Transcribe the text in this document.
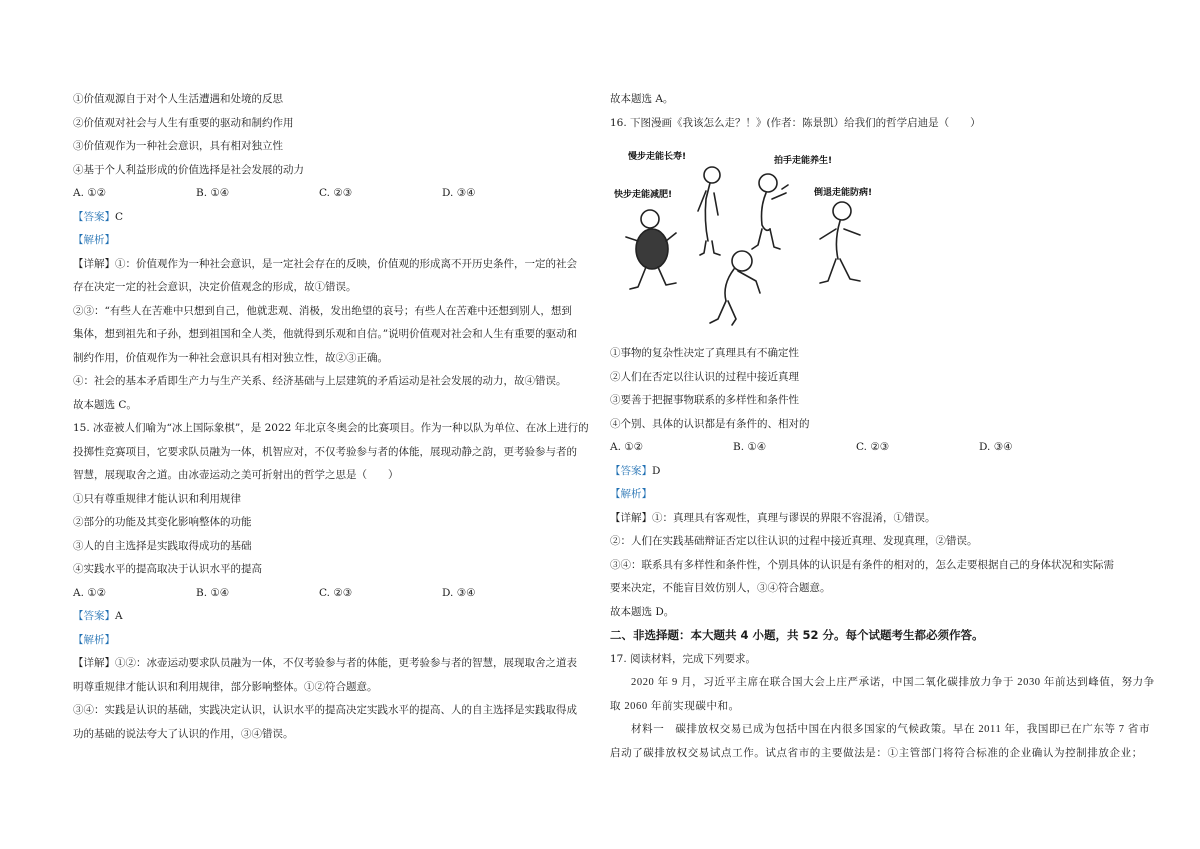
①价值观源自于对个人生活遭遇和处境的反思
②价值观对社会与人生有重要的驱动和制约作用
③价值观作为一种社会意识，具有相对独立性
④基于个人利益形成的价值选择是社会发展的动力
A. ①②	B. ①④	C. ②③	D. ③④
【答案】C
【解析】
【详解】①：价值观作为一种社会意识，是一定社会存在的反映，价值观的形成离不开历史条件，一定的社会
存在决定一定的社会意识，决定价值观念的形成，故①错误。
②③：“有些人在苦难中只想到自己，他就悲观、消极，发出绝望的哀号；有些人在苦难中还想到别人，想到
集体，想到祖先和子孙，想到祖国和全人类，他就得到乐观和自信。”说明价值观对社会和人生有重要的驱动和
制约作用，价值观作为一种社会意识具有相对独立性，故②③正确。
④：社会的基本矛盾即生产力与生产关系、经济基础与上层建筑的矛盾运动是社会发展的动力，故④错误。
故本题选 C。
15. 冰壶被人们喻为“冰上国际象棋”，是 2022 年北京冬奥会的比赛项目。作为一种以队为单位、在冰上进行的
投掷性竞赛项目，它要求队员融为一体，机智应对，不仅考验参与者的体能，展现动静之韵，更考验参与者的
智慧，展现取舍之道。由冰壶运动之美可折射出的哲学之思是（　　）
①只有尊重规律才能认识和利用规律
②部分的功能及其变化影响整体的功能
③人的自主选择是实践取得成功的基础
④实践水平的提高取决于认识水平的提高
A. ①②	B. ①④	C. ②③	D. ③④
【答案】A
【解析】
【详解】①②：冰壶运动要求队员融为一体，不仅考验参与者的体能，更考验参与者的智慧，展现取舍之道表
明尊重规律才能认识和利用规律，部分影响整体。①②符合题意。
③④：实践是认识的基础，实践决定认识，认识水平的提高决定实践水平的提高、人的自主选择是实践取得成
功的基础的说法夸大了认识的作用，③④错误。
故本题选 A。
16. 下图漫画《我该怎么走？！》(作者：陈景凯）给我们的哲学启迪是（　　）
慢步走能长寿!	拍手走能养生!
快步走能减肥!	倒退走能防病!
①事物的复杂性决定了真理具有不确定性
②人们在否定以往认识的过程中接近真理
③要善于把握事物联系的多样性和条件性
④个别、具体的认识都是有条件的、相对的
A. ①②	B. ①④	C. ②③	D. ③④
【答案】D
【解析】
【详解】①：真理具有客观性，真理与谬误的界限不容混淆，①错误。
②：人们在实践基础辩证否定以往认识的过程中接近真理、发现真理，②错误。
③④：联系具有多样性和条件性，个别具体的认识是有条件的相对的，怎么走要根据自己的身体状况和实际需
要来决定，不能盲目效仿别人，③④符合题意。
故本题选 D。
二、非选择题：本大题共 4 小题，共 52 分。每个试题考生都必须作答。
17. 阅读材料，完成下列要求。
2020 年 9 月，习近平主席在联合国大会上庄严承诺，中国二氧化碳排放力争于 2030 年前达到峰值，努力争
取 2060 年前实现碳中和。
材料一　碳排放权交易已成为包括中国在内很多国家的气候政策。早在 2011 年，我国即已在广东等 7 省市
启动了碳排放权交易试点工作。试点省市的主要做法是：①主管部门将符合标准的企业确认为控制排放企业；
